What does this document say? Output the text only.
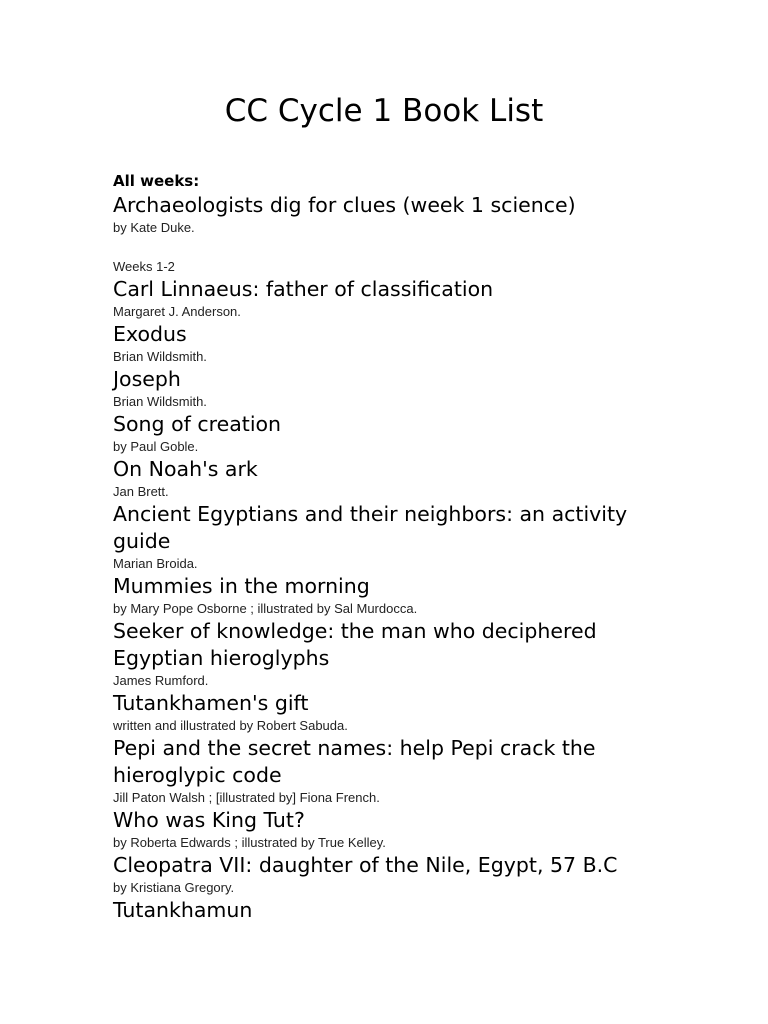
CC Cycle 1 Book List

All weeks:

Archaeologists dig for clues (week 1 science)

by Kate Duke.

Weeks 1-2

Carl Linnaeus: father of classification

Margaret J. Anderson.

Exodus

Brian Wildsmith.

Joseph

Brian Wildsmith.

Song of creation

by Paul Goble.

On Noah's ark

Jan Brett.

Ancient Egyptians and their neighbors: an activity guide

Marian Broida.

Mummies in the morning

by Mary Pope Osborne ; illustrated by Sal Murdocca.

Seeker of knowledge: the man who deciphered Egyptian hieroglyphs

James Rumford.

Tutankhamen's gift

written and illustrated by Robert Sabuda.

Pepi and the secret names: help Pepi crack the hieroglypic code

Jill Paton Walsh ; [illustrated by] Fiona French.

Who was King Tut?

by Roberta Edwards ; illustrated by True Kelley.

Cleopatra VII: daughter of the Nile, Egypt, 57 B.C

by Kristiana Gregory.

Tutankhamun
